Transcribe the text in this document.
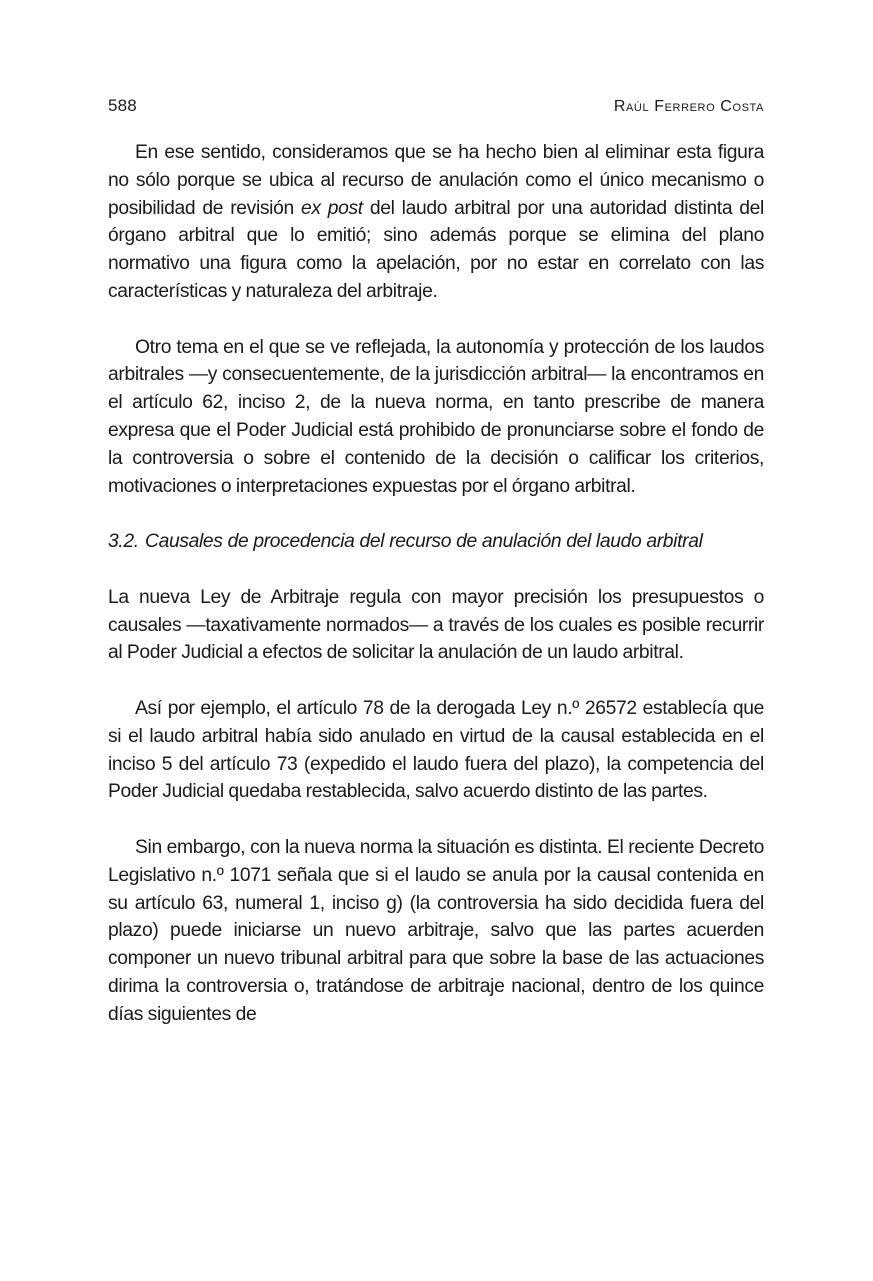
588	Raúl Ferrero Costa

En ese sentido, consideramos que se ha hecho bien al eliminar esta figura no sólo porque se ubica al recurso de anulación como el único mecanismo o posibilidad de revisión ex post del laudo arbitral por una autoridad distinta del órgano arbitral que lo emitió; sino además porque se elimina del plano normativo una figura como la apelación, por no estar en correlato con las características y naturaleza del arbitraje.

Otro tema en el que se ve reflejada, la autonomía y protección de los laudos arbitrales —y consecuentemente, de la jurisdicción arbitral— la encontramos en el artículo 62, inciso 2, de la nueva norma, en tanto prescribe de manera expresa que el Poder Judicial está prohibido de pronunciarse sobre el fondo de la controversia o sobre el contenido de la decisión o calificar los criterios, motivaciones o interpretaciones expuestas por el órgano arbitral.

3.2. Causales de procedencia del recurso de anulación del laudo arbitral

La nueva Ley de Arbitraje regula con mayor precisión los presupuestos o causales —taxativamente normados— a través de los cuales es posible recurrir al Poder Judicial a efectos de solicitar la anulación de un laudo arbitral.

Así por ejemplo, el artículo 78 de la derogada Ley n.º 26572 establecía que si el laudo arbitral había sido anulado en virtud de la causal establecida en el inciso 5 del artículo 73 (expedido el laudo fuera del plazo), la competencia del Poder Judicial quedaba restablecida, salvo acuerdo distinto de las partes.

Sin embargo, con la nueva norma la situación es distinta. El reciente Decreto Legislativo n.º 1071 señala que si el laudo se anula por la causal contenida en su artículo 63, numeral 1, inciso g) (la controversia ha sido decidida fuera del plazo) puede iniciarse un nuevo arbitraje, salvo que las partes acuerden componer un nuevo tribunal arbitral para que sobre la base de las actuaciones dirima la controversia o, tratándose de arbitraje nacional, dentro de los quince días siguientes de
